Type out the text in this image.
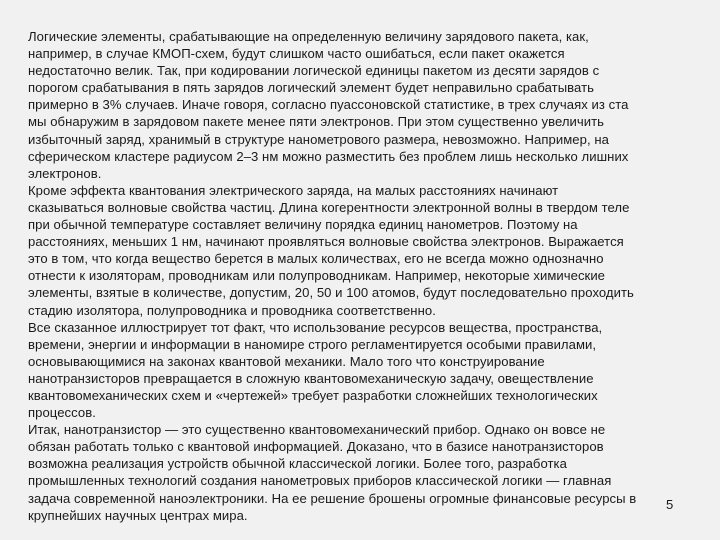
Логические элементы, срабатывающие на определенную величину зарядового пакета, как,
например, в случае КМОП-схем, будут слишком часто ошибаться, если пакет окажется
недостаточно велик. Так, при кодировании логической единицы пакетом из десяти зарядов с
порогом срабатывания в пять зарядов логический элемент будет неправильно срабатывать
примерно в 3% случаев. Иначе говоря, согласно пуассоновской статистике, в трех случаях из ста
мы обнаружим в зарядовом пакете менее пяти электронов. При этом существенно увеличить
избыточный заряд, хранимый в структуре нанометрового размера, невозможно. Например, на
сферическом кластере радиусом 2–3 нм можно разместить без проблем лишь несколько лишних
электронов.
Кроме эффекта квантования электрического заряда, на малых расстояниях начинают
сказываться волновые свойства частиц. Длина когерентности электронной волны в твердом теле
при обычной температуре составляет величину порядка единиц нанометров. Поэтому на
расстояниях, меньших 1 нм, начинают проявляться волновые свойства электронов. Выражается
это в том, что когда вещество берется в малых количествах, его не всегда можно однозначно
отнести к изоляторам, проводникам или полупроводникам. Например, некоторые химические
элементы, взятые в количестве, допустим, 20, 50 и 100 атомов, будут последовательно проходить
стадию изолятора, полупроводника и проводника соответственно.
Все сказанное иллюстрирует тот факт, что использование ресурсов вещества, пространства,
времени, энергии и информации в наномире строго регламентируется особыми правилами,
основывающимися на законах квантовой механики. Мало того что конструирование
нанотранзисторов превращается в сложную квантовомеханическую задачу, овеществление
квантовомеханических схем и «чертежей» требует разработки сложнейших технологических
процессов.
Итак, нанотранзистор — это существенно квантовомеханический прибор. Однако он вовсе не
обязан работать только с квантовой информацией. Доказано, что в базисе нанотранзисторов
возможна реализация устройств обычной классической логики. Более того, разработка
промышленных технологий создания нанометровых приборов классической логики — главная
задача современной наноэлектроники. На ее решение брошены огромные финансовые ресурсы в
крупнейших научных центрах мира.
5
